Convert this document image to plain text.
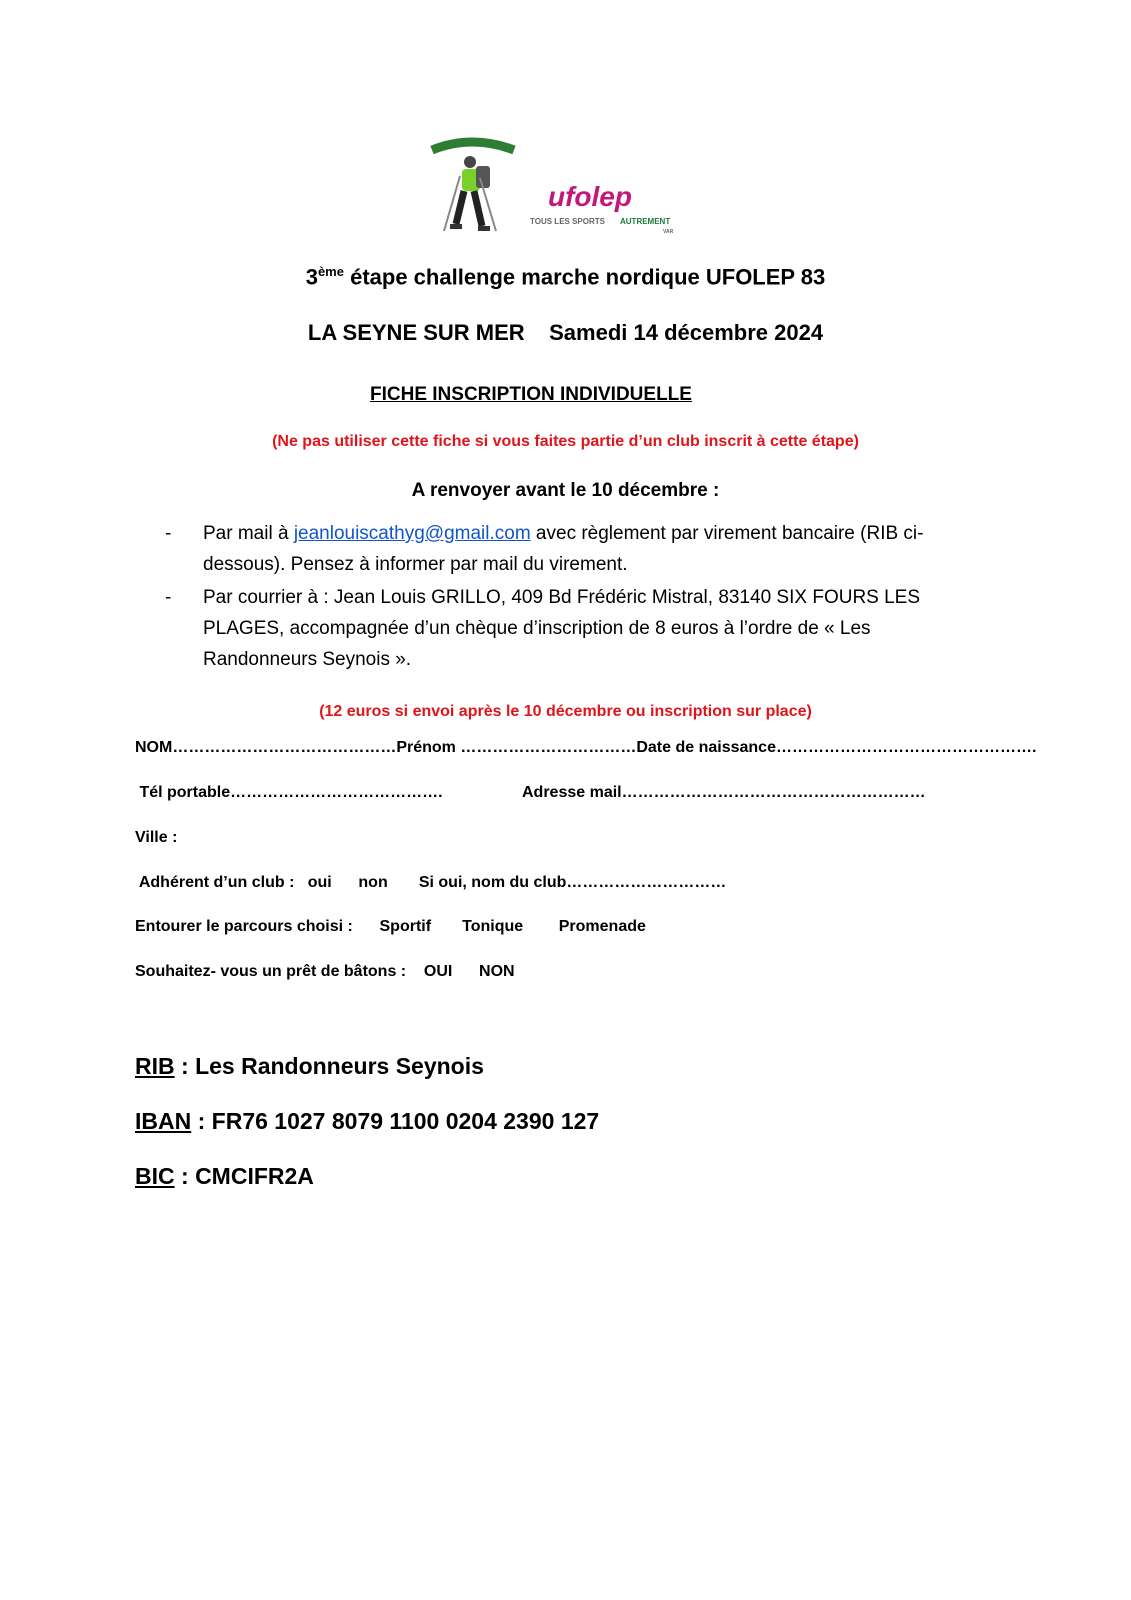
ufolep
TOUS LES SPORTS AUTREMENT
VAR
3ème étape challenge marche nordique UFOLEP 83
LA SEYNE SUR MER    Samedi 14 décembre 2024
FICHE INSCRIPTION INDIVIDUELLE
(Ne pas utiliser cette fiche si vous faites partie d’un club inscrit à cette étape)
A renvoyer avant le 10 décembre :
- Par mail à jeanlouiscathyg@gmail.com avec règlement par virement bancaire (RIB ci-dessous). Pensez à informer par mail du virement.
- Par courrier à : Jean Louis GRILLO, 409 Bd Frédéric Mistral, 83140 SIX FOURS LES PLAGES, accompagnée d’un chèque d’inscription de 8 euros à l’ordre de « Les Randonneurs Seynois ».
(12 euros si envoi après le 10 décembre ou inscription sur place)
NOM……………………………………Prénom ……………………………Date de naissance………………………………………….
Tél portable………………………………….                  Adresse mail…………………………………………………
Ville :
Adhérent d’un club :   oui      non       Si oui, nom du club…………………………
Entourer le parcours choisi :      Sportif       Tonique        Promenade
Souhaitez- vous un prêt de bâtons :    OUI      NON
RIB : Les Randonneurs Seynois
IBAN : FR76 1027 8079 1100 0204 2390 127
BIC : CMCIFR2A
